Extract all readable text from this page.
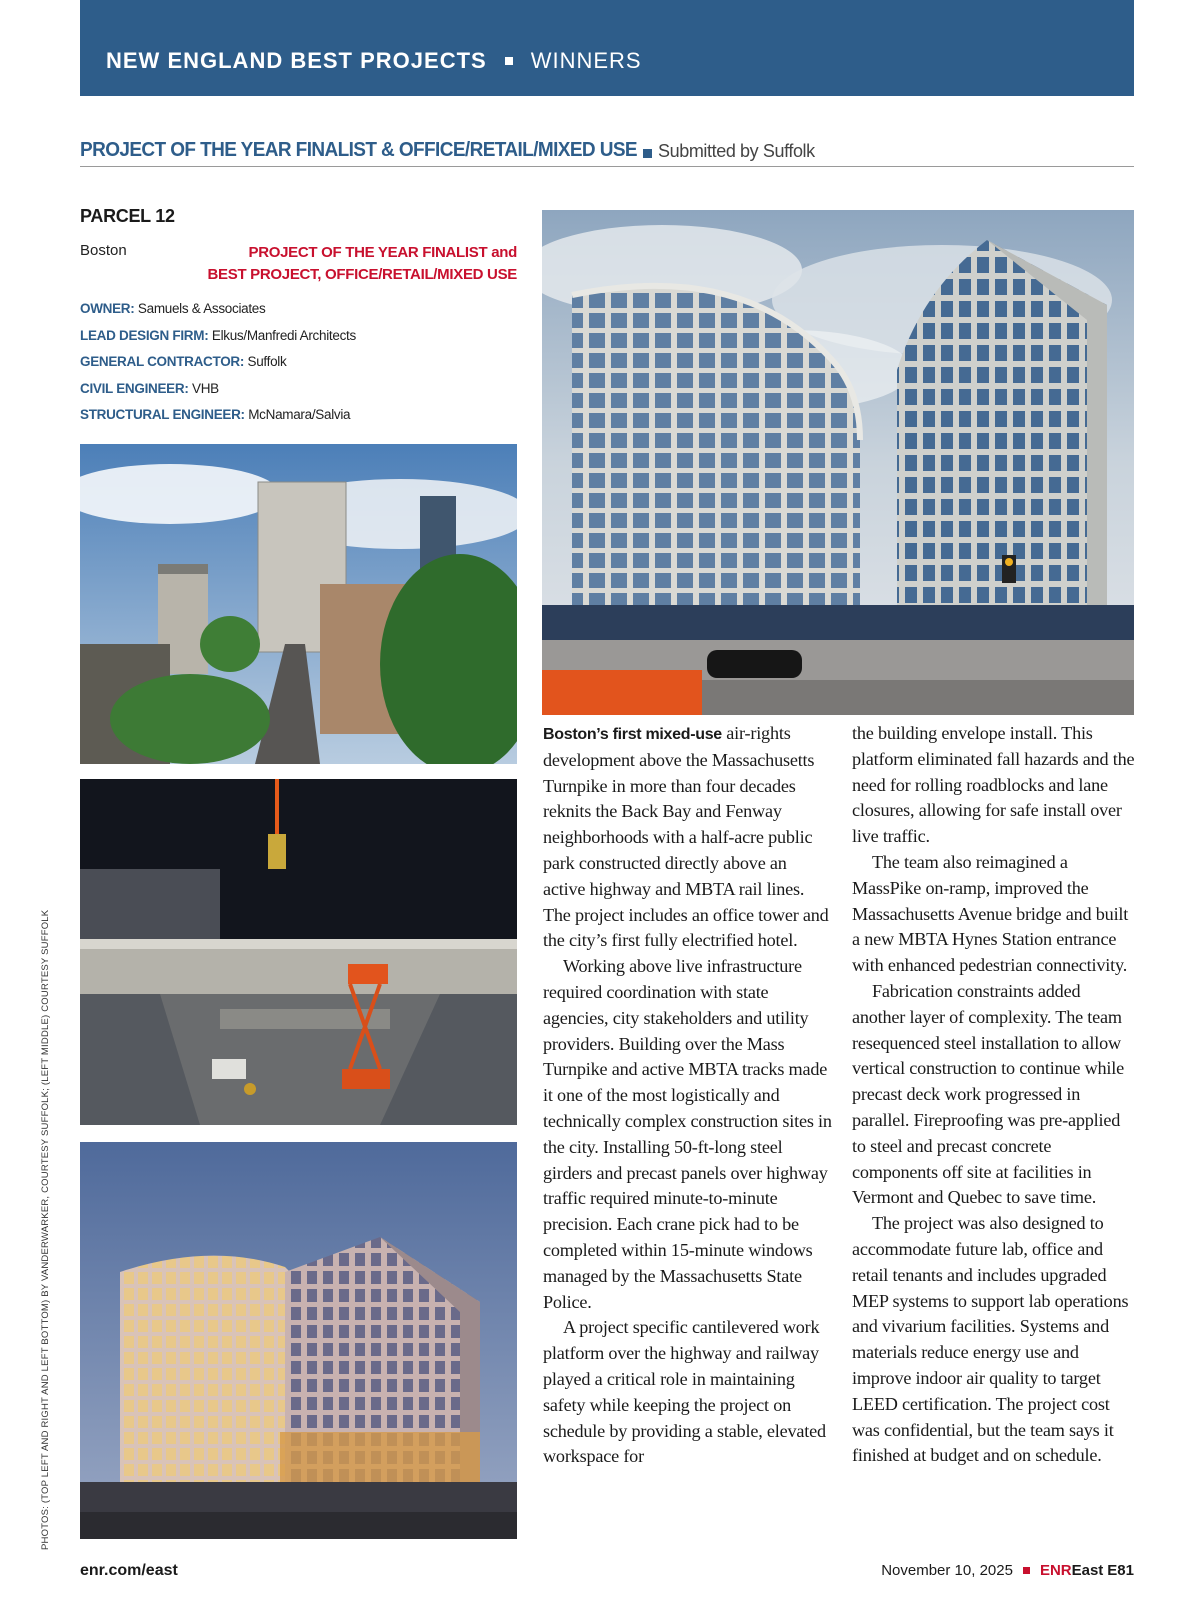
NEW ENGLAND BEST PROJECTS WINNERS
PROJECT OF THE YEAR FINALIST & OFFICE/RETAIL/MIXED USE Submitted by Suffolk
PARCEL 12
Boston	PROJECT OF THE YEAR FINALIST and
BEST PROJECT, OFFICE/RETAIL/MIXED USE
OWNER: Samuels & Associates
LEAD DESIGN FIRM: Elkus/Manfredi Architects
GENERAL CONTRACTOR: Suffolk
CIVIL ENGINEER: VHB
STRUCTURAL ENGINEER: McNamara/Salvia
PHOTOS: (TOP LEFT AND RIGHT AND LEFT BOTTOM) BY VANDERWARKER, COURTESY SUFFOLK; (LEFT MIDDLE) COURTESY SUFFOLK

Boston’s first mixed-use air-rights development above the Massachusetts Turnpike in more than four decades reknits the Back Bay and Fenway neighborhoods with a half-acre public park constructed directly above an active highway and MBTA rail lines. The project includes an office tower and the city’s first fully electrified hotel.

Working above live infrastructure required coordination with state agencies, city stakeholders and utility providers. Building over the Mass Turnpike and active MBTA tracks made it one of the most logistically and technically complex construction sites in the city. Installing 50-ft-long steel girders and precast panels over highway traffic required minute-to-minute precision. Each crane pick had to be completed within 15-minute windows managed by the Massachusetts State Police.

A project specific cantilevered work platform over the highway and railway played a critical role in maintaining safety while keeping the project on schedule by providing a stable, elevated workspace for

the building envelope install. This platform eliminated fall hazards and the need for rolling roadblocks and lane closures, allowing for safe install over live traffic.

The team also reimagined a MassPike on-ramp, improved the Massachusetts Avenue bridge and built a new MBTA Hynes Station entrance with enhanced pedestrian connectivity.

Fabrication constraints added another layer of complexity. The team resequenced steel installation to allow vertical construction to continue while precast deck work progressed in parallel. Fireproofing was pre-applied to steel and precast concrete components off site at facilities in Vermont and Quebec to save time.

The project was also designed to accommodate future lab, office and retail tenants and includes upgraded MEP systems to support lab operations and vivarium facilities. Systems and materials reduce energy use and improve indoor air quality to target LEED certification. The project cost was confidential, but the team says it finished at budget and on schedule.

enr.com/east	November 10, 2025 ENR East E81
